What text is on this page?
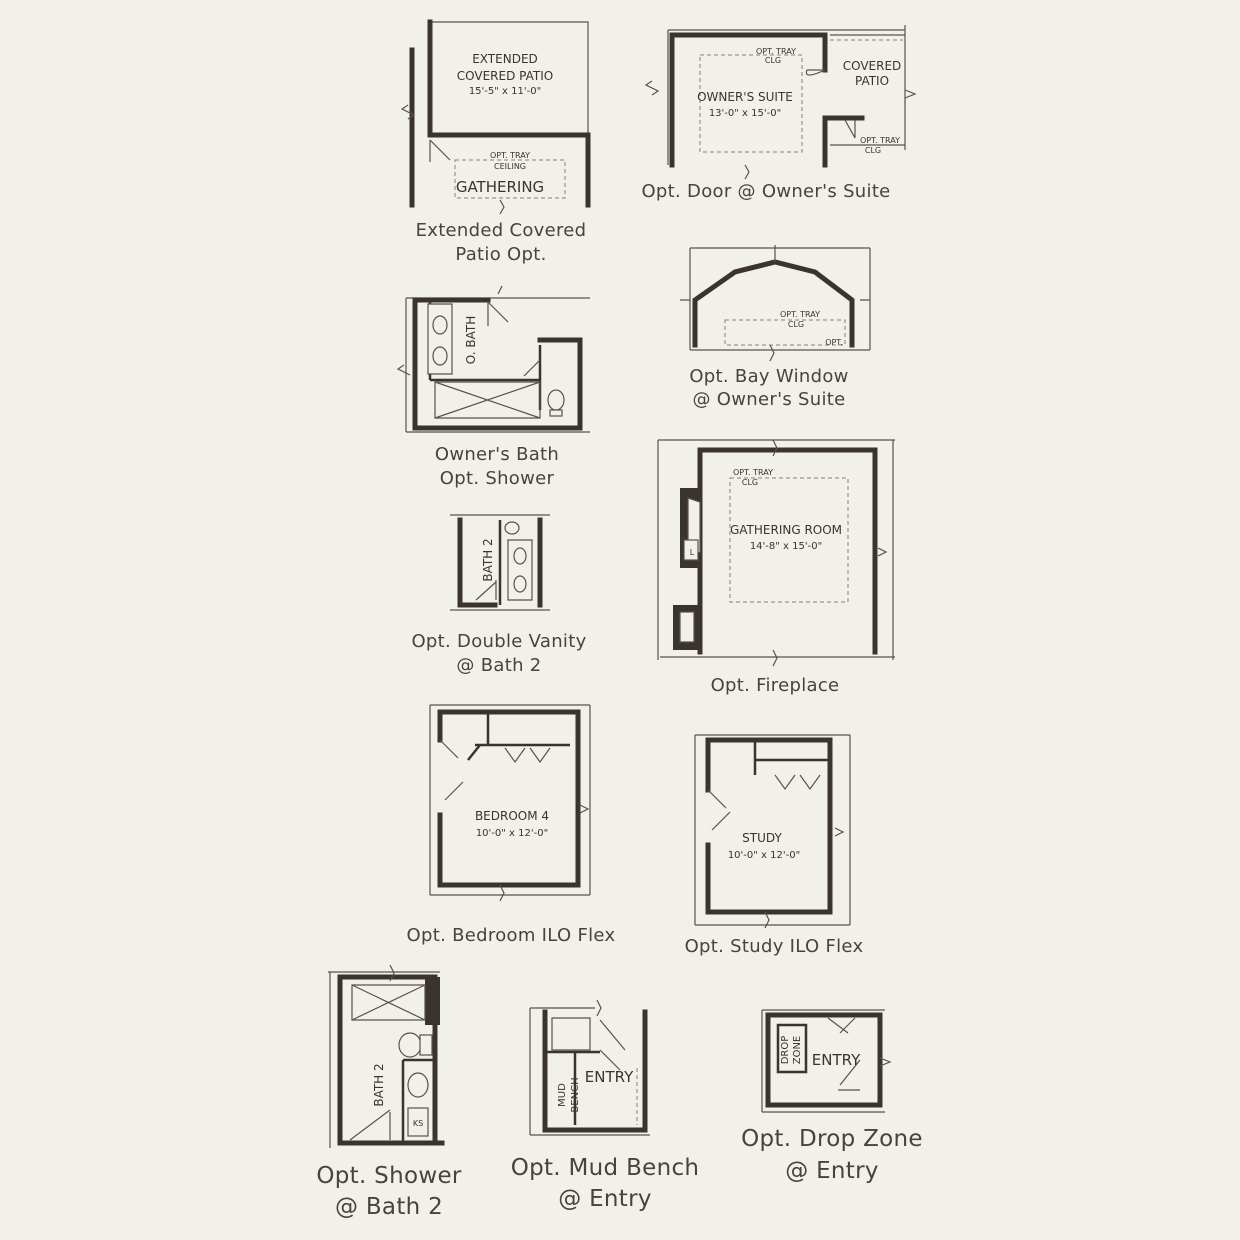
EXTENDED
COVERED PATIO
15'-5" x 11'-0"
OPT. TRAY
CEILING
GATHERING
Extended Covered
Patio Opt.
OPT. TRAY
CLG
OWNER'S SUITE
13'-0" x 15'-0"
COVERED
PATIO
OPT. TRAY
CLG
Opt. Door @ Owner's Suite
O. BATH
Owner's Bath
Opt. Shower
OPT. TRAY
CLG
OPT.
Opt. Bay Window
@ Owner's Suite
BATH 2
Opt. Double Vanity
@ Bath 2
OPT. TRAY
CLG
GATHERING ROOM
14'-8" x 15'-0"
L
Opt. Fireplace
BEDROOM 4
10'-0" x 12'-0"
Opt. Bedroom ILO Flex
STUDY
10'-0" x 12'-0"
Opt. Study ILO Flex
BATH 2
KS
Opt. Shower
@ Bath 2
MUD BENCH
ENTRY
Opt. Mud Bench
@ Entry
DROP ZONE ENTRY
Opt. Drop Zone
@ Entry
